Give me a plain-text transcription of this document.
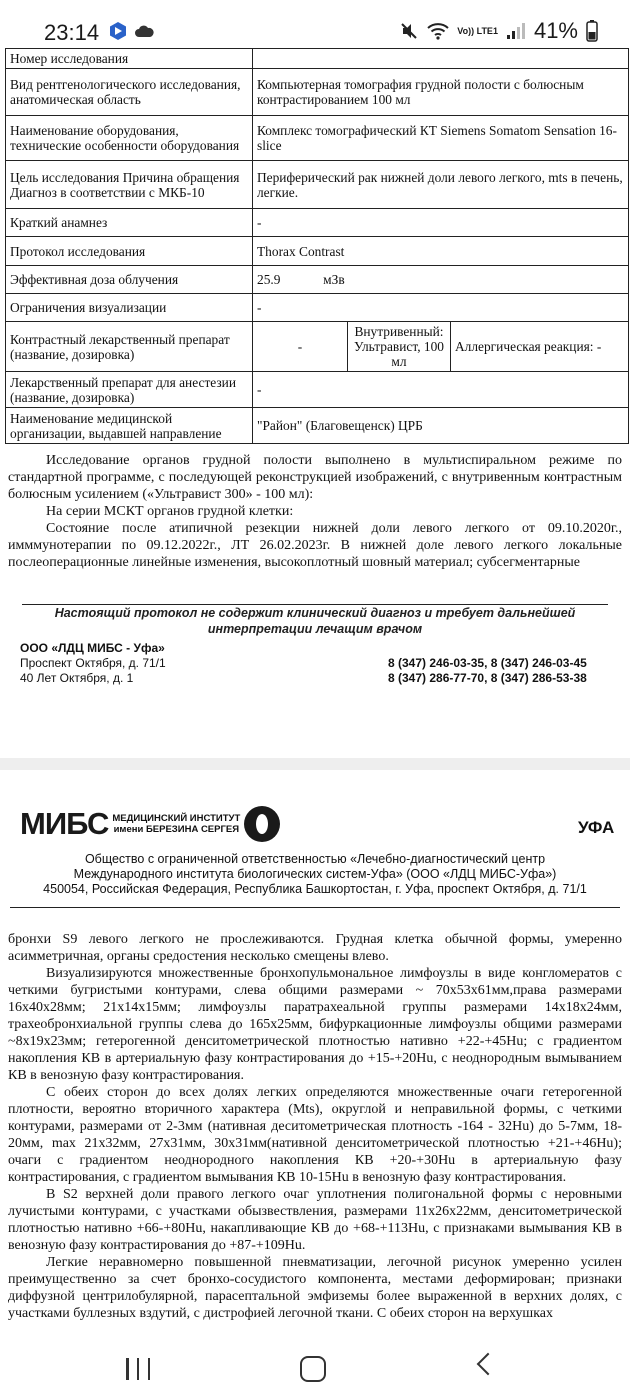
23:14	Vo)) LTE1 41%
Номер исследования			
Вид рентгенологического исследования, анатомическая область	Компьютерная томография грудной полости с болюсным контрастированием 100 мл		
Наименование оборудования, технические особенности оборудования	Комплекс томографический КТ Siemens Somatom Sensation 16-slice		
Цель исследования Причина обращения Диагноз в соответствии с МКБ-10	Периферический рак нижней доли левого легкого, mts в печень, легкие.		
Краткий анамнез	-		
Протокол исследования	Thorax Contrast		
Эффективная доза облучения	25.9 мЗв		
Ограничения визуализации	-		
Контрастный лекарственный препарат (название, дозировка)	-	Внутривенный: Ультравист, 100 мл	Аллергическая реакция: -
Лекарственный препарат для анестезии (название, дозировка)	-		
Наименование медицинской организации, выдавшей направление	"Район" (Благовещенск) ЦРБ		

Исследование органов грудной полости выполнено в мультиспиральном режиме по стандартной программе, с последующей реконструкцией изображений, с внутривенным контрастным болюсным усилением («Ультравист 300» - 100 мл):

На серии МСКТ органов грудной клетки:

Состояние после атипичной резекции нижней доли левого легкого от 09.10.2020г., имммунотерапии по 09.12.2022г., ЛТ 26.02.2023г. В нижней доле левого легкого локальные послеоперационные линейные изменения, высокоплотный шовный материал; субсегментарные

Настоящий протокол не содержит клинический диагноз и требует дальнейшей интерпретации лечащим врачом
ООО «ЛДЦ МИБС - Уфа»
Проспект Октября, д. 71/1
40 Лет Октября, д. 1
8 (347) 246-03-35, 8 (347) 246-03-45
8 (347) 286-77-70, 8 (347) 286-53-38
МИБС МЕДИЦИНСКИЙ ИНСТИТУТ
имени БЕРЕЗИНА СЕРГЕЯ	УФА
Общество с ограниченной ответственностью «Лечебно-диагностический центр
Международного института биологических систем-Уфа» (ООО «ЛДЦ МИБС-Уфа»)
450054, Российская Федерация, Республика Башкортостан, г. Уфа, проспект Октября, д. 71/1

бронхи S9 левого легкого не прослеживаются. Грудная клетка обычной формы, умеренно асимметричная, органы средостения несколько смещены влево.

Визуализируются множественные бронхопульмональное лимфоузлы в виде конгломератов с четкими бугристыми контурами, слева общими размерами ~ 70х53х61мм,права размерами 16х40х28мм; 21х14х15мм; лимфоузлы паратрахеальной группы размерами 14х18х24мм, трахеобронхиальной группы слева до 165х25мм, бифуркационные лимфоузлы общими размерами ~8х19х23мм; гетерогенной денситометрической плотностью нативно +22-+45Hu; с градиентом накопления КВ в артериальную фазу контрастирования до +15-+20Hu, с неоднородным вымыванием КВ в венозную фазу контрастирования.

С обеих сторон до всех долях легких определяются множественные очаги гетерогенной плотности, вероятно вторичного характера (Mts), округлой и неправильной формы, с четкими контурами, размерами от 2-3мм (нативная деситометрическая плотность -164 - 32Hu) до 5-7мм, 18-20мм, max 21х32мм, 27х31мм, 30х31мм(нативной денситометрической плотностью +21-+46Hu); очаги с градиентом неоднородного накопления КВ +20-+30Hu в артериальную фазу контрастирования, с градиентом вымывания КВ 10-15Hu в венозную фазу контрастирования.

В S2 верхней доли правого легкого очаг уплотнения полигональной формы с неровными лучистыми контурами, с участками обызвествления, размерами 11х26х22мм, денситометрической плотностью нативно +66-+80Hu, накапливающие КВ до +68-+113Hu, с признаками вымывания КВ в венозную фазу контрастирования до +87-+109Hu.

Легкие неравномерно повышенной пневматизации, легочной рисунок умеренно усилен преимущественно за счет бронхо-сосудистого компонента, местами деформирован; признаки диффузной центрилобулярной, парасептальной эмфиземы более выраженной в верхних долях, с участками буллезных вздутий, с дистрофией легочной ткани. С обеих сторон на верхушках
